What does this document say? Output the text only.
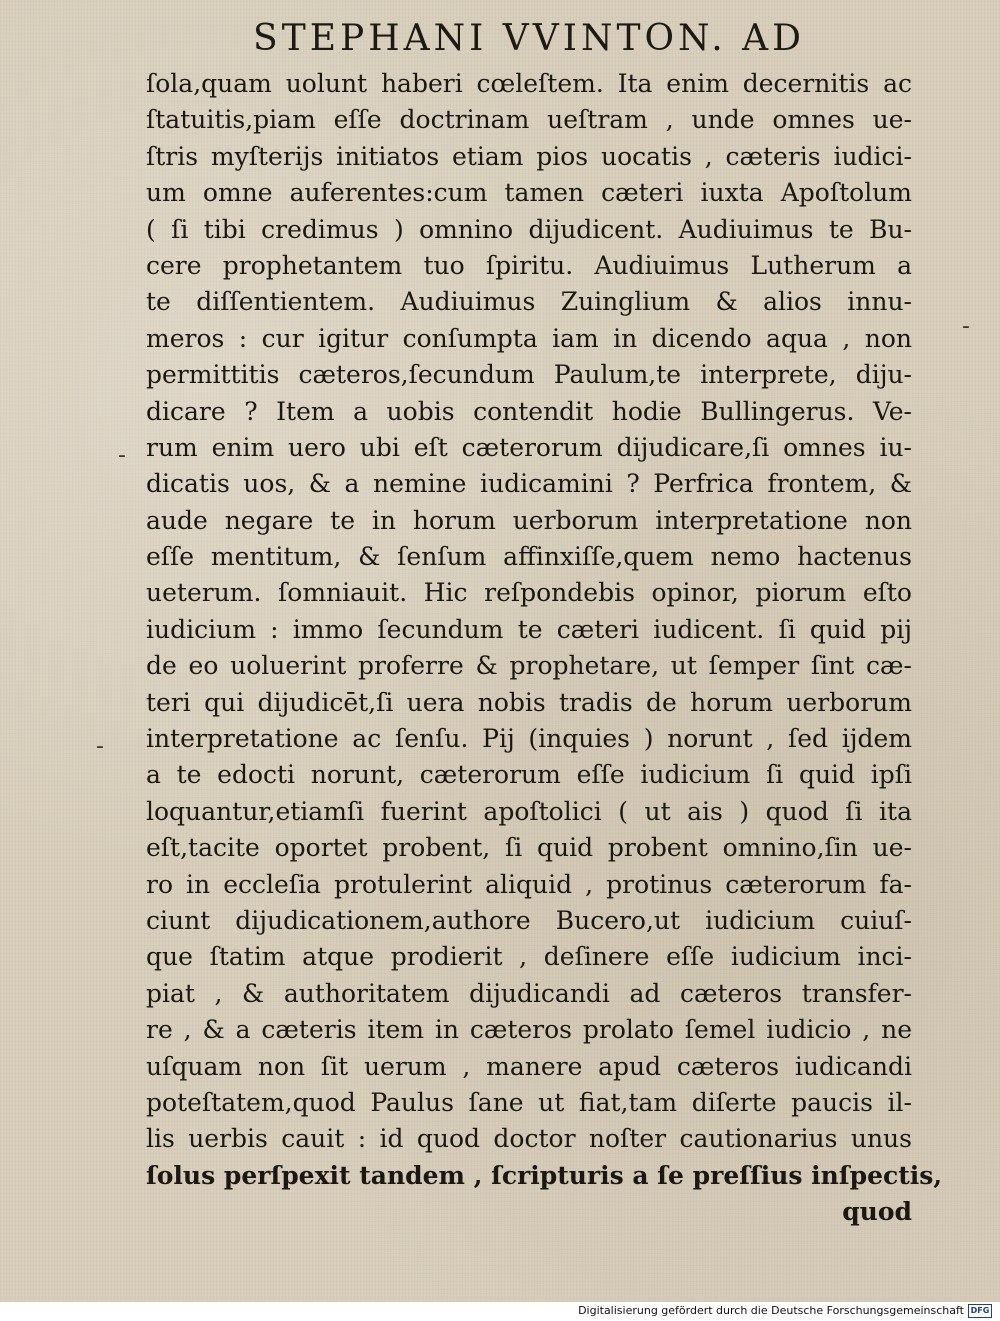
STEPHANI VVINTON. AD
ſola,quam uolunt haberi cœleſtem. Ita enim decernitis ac
ſtatuitis,piam eſſe doctrinam ueſtram , unde omnes ue-
ſtris myſterijs initiatos etiam pios uocatis , cæteris iudici-
um omne auferentes:cum tamen cæteri iuxta Apoſtolum
( ſi tibi credimus ) omnino dijudicent. Audiuimus te Bu-
cere prophetantem tuo ſpiritu. Audiuimus Lutherum a
te diſſentientem. Audiuimus Zuinglium & alios innu-
meros : cur igitur conſumpta iam in dicendo aqua , non
permittitis cæteros,ſecundum Paulum,te interprete, diju-
dicare ? Item a uobis contendit hodie Bullingerus. Ve-
rum enim uero ubi eſt cæterorum dijudicare,ſi omnes iu-
dicatis uos, & a nemine iudicamini ? Perfrica frontem, &
aude negare te in horum uerborum interpretatione non
eſſe mentitum, & ſenſum affinxiſſe,quem nemo hactenus
ueterum. ſomniauit. Hic reſpondebis opinor, piorum eſto
iudicium : immo ſecundum te cæteri iudicent. ſi quid pij
de eo uoluerint proferre & prophetare, ut ſemper ſint cæ-
teri qui dijudicēt,ſi uera nobis tradis de horum uerborum
interpretatione ac ſenſu. Pij (inquies ) norunt , ſed ijdem
a te edocti norunt, cæterorum eſſe iudicium ſi quid ipſi
loquantur,etiamſi fuerint apoſtolici ( ut ais ) quod ſi ita
eſt,tacite oportet probent, ſi quid probent omnino,ſin ue-
ro in eccleſia protulerint aliquid , protinus cæterorum fa-
ciunt dijudicationem,authore Bucero,ut iudicium cuiuſ-
que ſtatim atque prodierit , deſinere eſſe iudicium inci-
piat , & authoritatem dijudicandi ad cæteros transfer-
re , & a cæteris item in cæteros prolato ſemel iudicio , ne
uſquam non ſit uerum , manere apud cæteros iudicandi
poteſtatem,quod Paulus ſane ut fiat,tam diſerte paucis il-
lis uerbis cauit : id quod doctor noſter cautionarius unus
ſolus perſpexit tandem , ſcripturis a ſe preſſius inſpectis,
quod
-
-
-
Digitalisierung gefördert durch die Deutsche Forschungsgemeinschaft DFG
